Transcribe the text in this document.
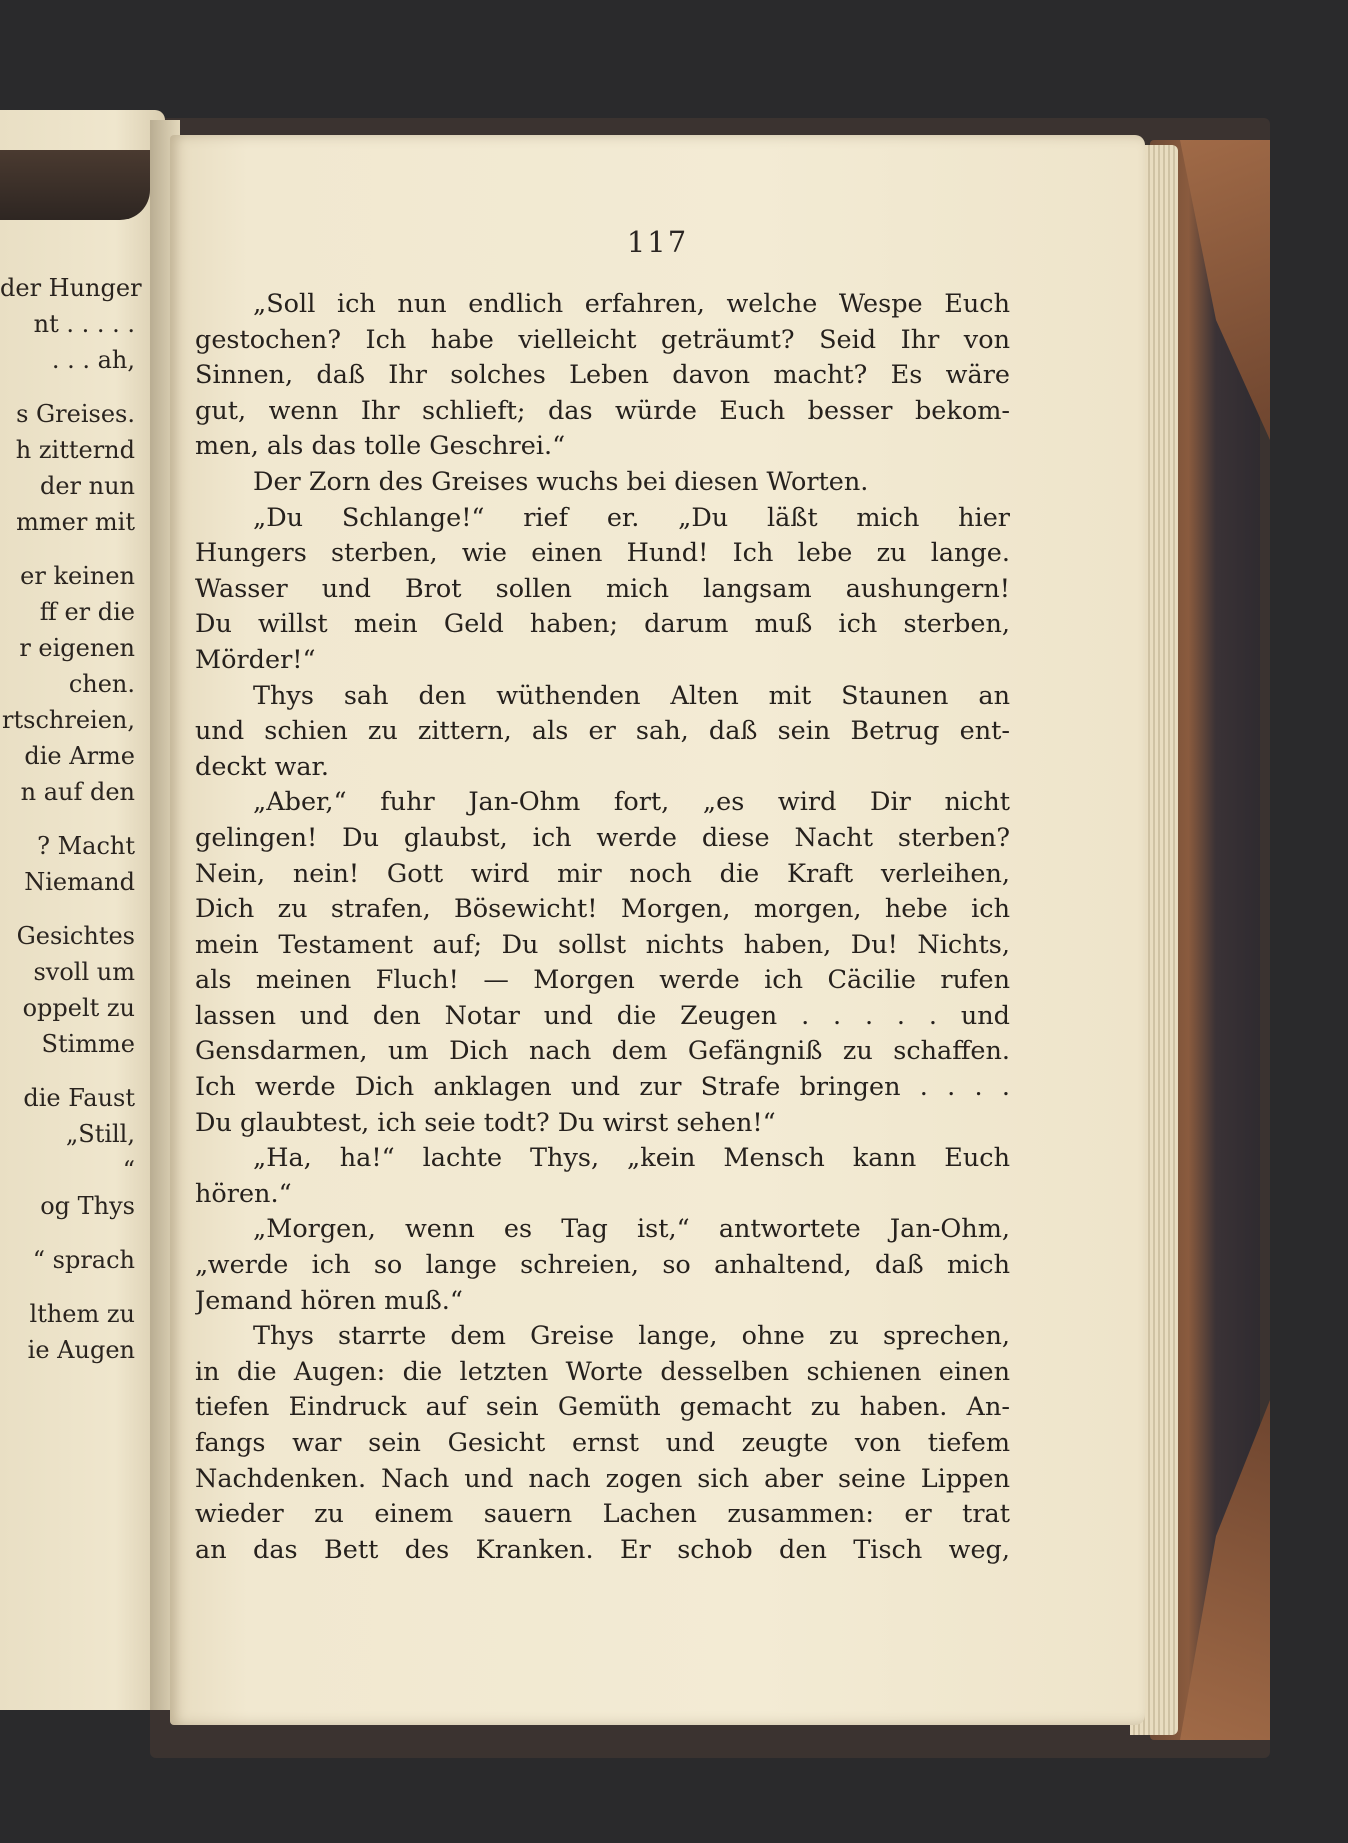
der Hunger
nt . . . . .
. . . ah,
s Greises.
h zitternd
der nun
mmer mit
er keinen
ff er die
r eigenen
chen.
rtschreien,
die Arme
n auf den
? Macht
Niemand
Gesichtes
svoll um
oppelt zu
Stimme
die Faust
„Still,
“
og Thys
“ sprach
lthem zu
ie Augen
117
„Soll ich nun endlich erfahren, welche Wespe Euch
gestochen? Ich habe vielleicht geträumt? Seid Ihr von
Sinnen, daß Ihr solches Leben davon macht? Es wäre
gut, wenn Ihr schlieft; das würde Euch besser bekom-
men, als das tolle Geschrei.“
Der Zorn des Greises wuchs bei diesen Worten.
„Du Schlange!“ rief er. „Du läßt mich hier
Hungers sterben, wie einen Hund! Ich lebe zu lange.
Wasser und Brot sollen mich langsam aushungern!
Du willst mein Geld haben; darum muß ich sterben,
Mörder!“
Thys sah den wüthenden Alten mit Staunen an
und schien zu zittern, als er sah, daß sein Betrug ent-
deckt war.
„Aber,“ fuhr Jan-Ohm fort, „es wird Dir nicht
gelingen! Du glaubst, ich werde diese Nacht sterben?
Nein, nein! Gott wird mir noch die Kraft verleihen,
Dich zu strafen, Bösewicht! Morgen, morgen, hebe ich
mein Testament auf; Du sollst nichts haben, Du! Nichts,
als meinen Fluch! — Morgen werde ich Cäcilie rufen
lassen und den Notar und die Zeugen . . . . . und
Gensdarmen, um Dich nach dem Gefängniß zu schaffen.
Ich werde Dich anklagen und zur Strafe bringen . . . .
Du glaubtest, ich seie todt? Du wirst sehen!“
„Ha, ha!“ lachte Thys, „kein Mensch kann Euch
hören.“
„Morgen, wenn es Tag ist,“ antwortete Jan-Ohm,
„werde ich so lange schreien, so anhaltend, daß mich
Jemand hören muß.“
Thys starrte dem Greise lange, ohne zu sprechen,
in die Augen: die letzten Worte desselben schienen einen
tiefen Eindruck auf sein Gemüth gemacht zu haben. An-
fangs war sein Gesicht ernst und zeugte von tiefem
Nachdenken. Nach und nach zogen sich aber seine Lippen
wieder zu einem sauern Lachen zusammen: er trat
an das Bett des Kranken. Er schob den Tisch weg,
